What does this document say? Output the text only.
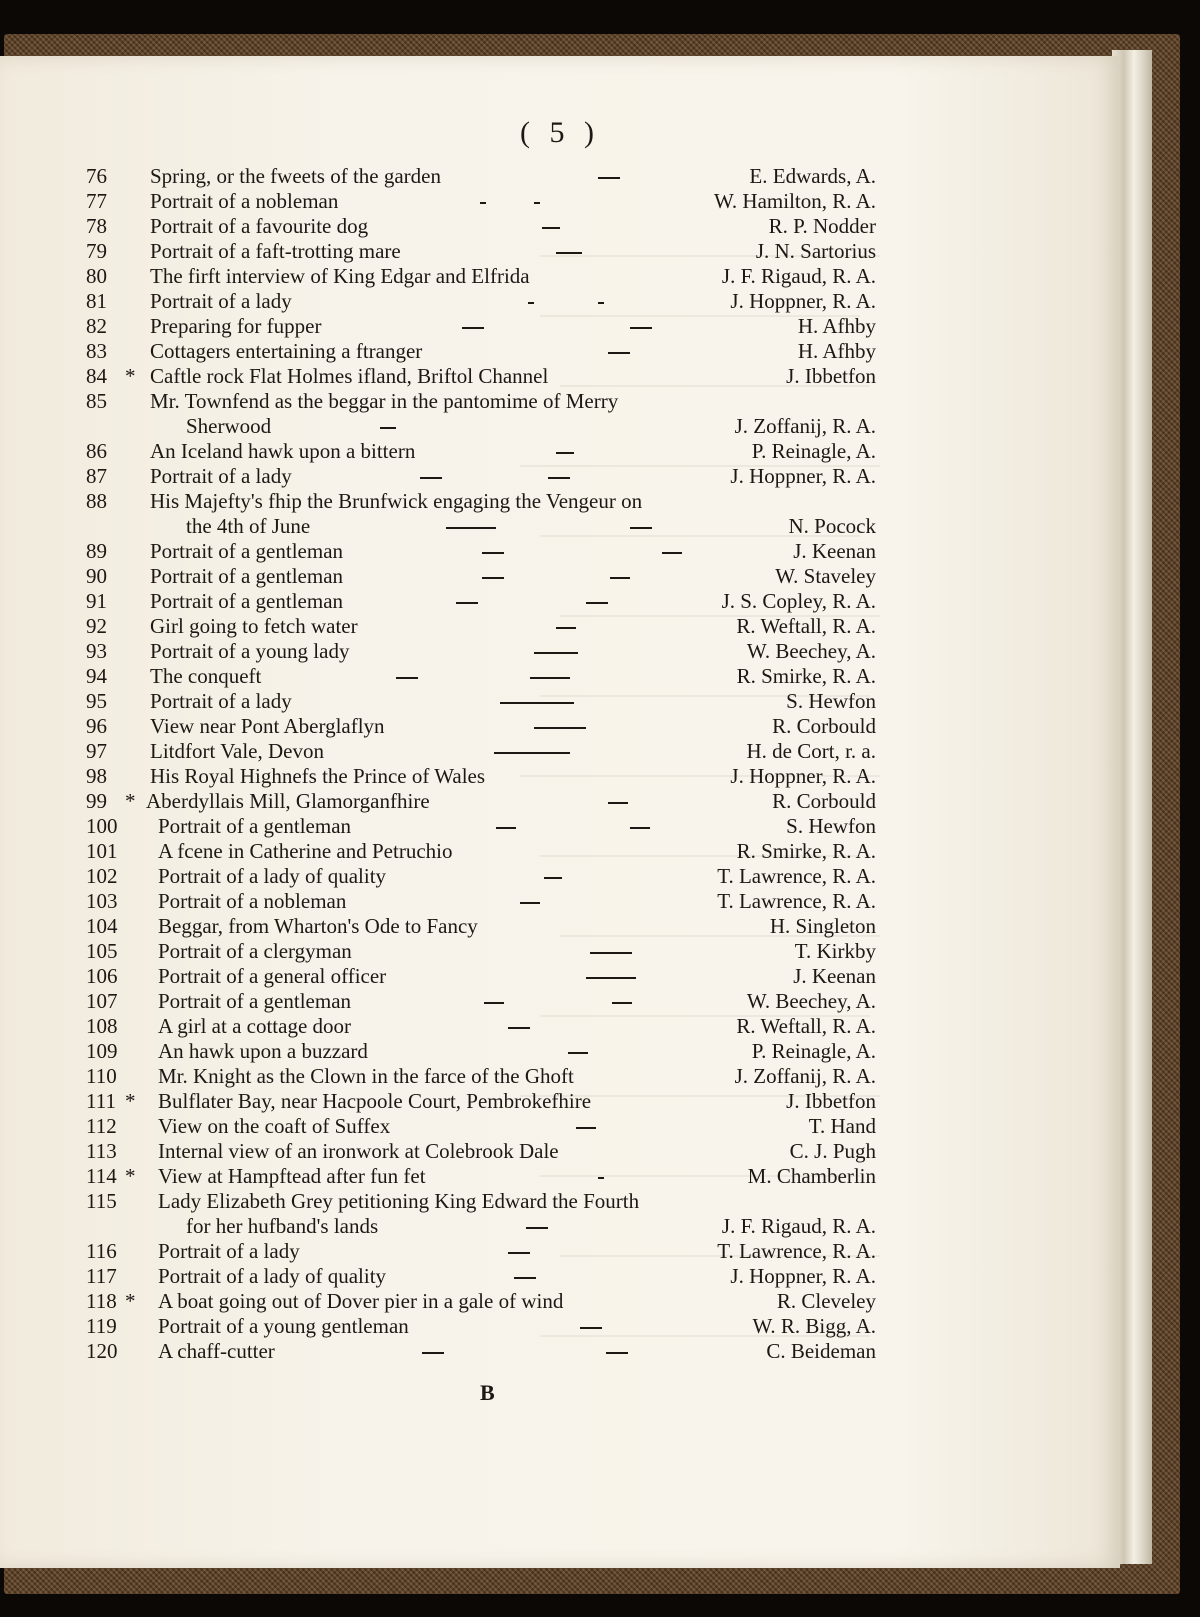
( 5 )
76 Spring, or the fweets of the garden	E. Edwards, A.
77 Portrait of a nobleman	W. Hamilton, R. A.
78 Portrait of a favourite dog	R. P. Nodder
79 Portrait of a faft-trotting mare	J. N. Sartorius
80 The firft interview of King Edgar and Elfrida	J. F. Rigaud, R. A.
81 Portrait of a lady	J. Hoppner, R. A.
82 Preparing for fupper	H. Afhby
83 Cottagers entertaining a ftranger	H. Afhby
84 * Caftle rock Flat Holmes ifland, Briftol Channel	J. Ibbetfon
85 Mr. Townfend as the beggar in the pantomime of Merry
Sherwood	J. Zoffanij, R. A.
86 An Iceland hawk upon a bittern	P. Reinagle, A.
87 Portrait of a lady	J. Hoppner, R. A.
88 His Majefty's fhip the Brunfwick engaging the Vengeur on
the 4th of June	N. Pocock
89 Portrait of a gentleman	J. Keenan
90 Portrait of a gentleman	W. Staveley
91 Portrait of a gentleman	J. S. Copley, R. A.
92 Girl going to fetch water	R. Weftall, R. A.
93 Portrait of a young lady	W. Beechey, A.
94 The conqueft	R. Smirke, R. A.
95 Portrait of a lady	S. Hewfon
96 View near Pont Aberglaflyn	R. Corbould
97 Litdfort Vale, Devon	H. de Cort, r. a.
98 His Royal Highnefs the Prince of Wales	J. Hoppner, R. A.
99 * Aberdyllais Mill, Glamorganfhire	R. Corbould
100 Portrait of a gentleman	S. Hewfon
101 A fcene in Catherine and Petruchio	R. Smirke, R. A.
102 Portrait of a lady of quality	T. Lawrence, R. A.
103 Portrait of a nobleman	T. Lawrence, R. A.
104 Beggar, from Wharton's Ode to Fancy	H. Singleton
105 Portrait of a clergyman	T. Kirkby
106 Portrait of a general officer	J. Keenan
107 Portrait of a gentleman	W. Beechey, A.
108 A girl at a cottage door	R. Weftall, R. A.
109 An hawk upon a buzzard	P. Reinagle, A.
110 Mr. Knight as the Clown in the farce of the Ghoft	J. Zoffanij, R. A.
111 * Bulflater Bay, near Hacpoole Court, Pembrokefhire	J. Ibbetfon
112 View on the coaft of Suffex	T. Hand
113 Internal view of an ironwork at Colebrook Dale	C. J. Pugh
114 * View at Hampftead after fun fet	M. Chamberlin
115 Lady Elizabeth Grey petitioning King Edward the Fourth
for her hufband's lands	J. F. Rigaud, R. A.
116 Portrait of a lady	T. Lawrence, R. A.
117 Portrait of a lady of quality	J. Hoppner, R. A.
118 * A boat going out of Dover pier in a gale of wind	R. Cleveley
119 Portrait of a young gentleman	W. R. Bigg, A.
120 A chaff-cutter	C. Beideman
B
